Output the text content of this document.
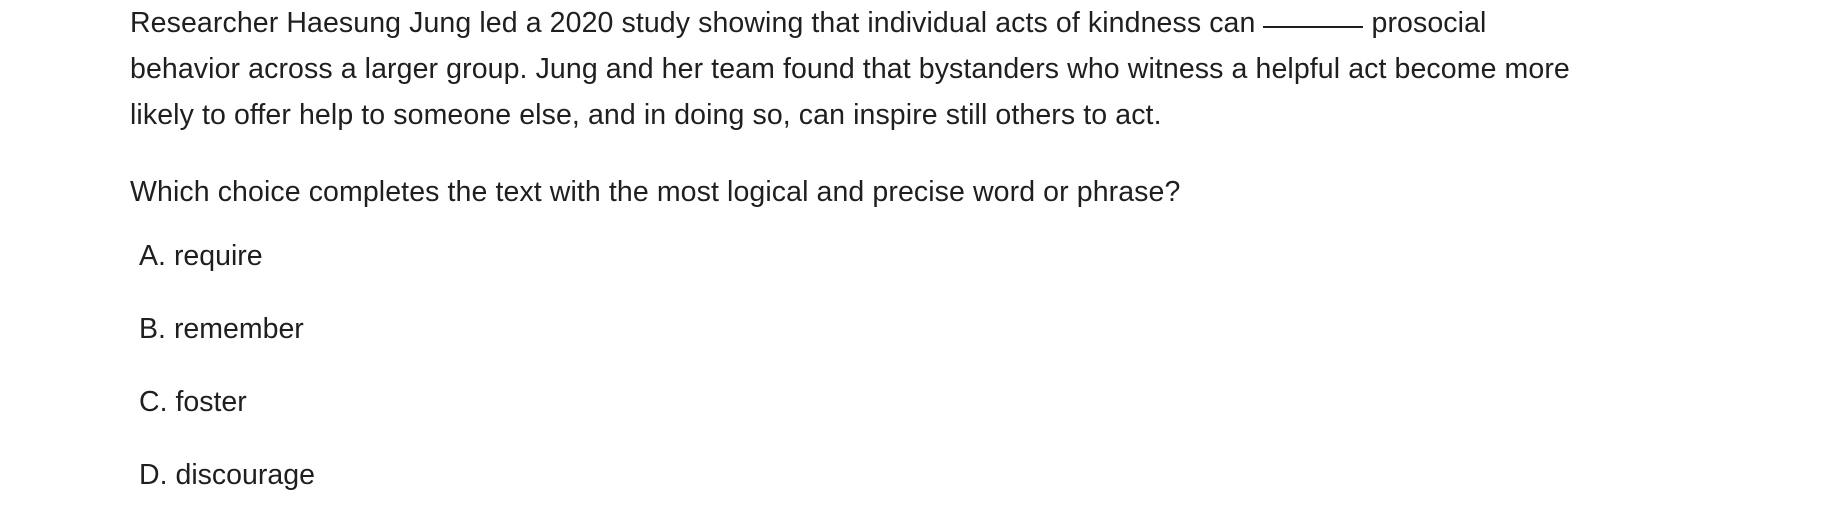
Researcher Haesung Jung led a 2020 study showing that individual acts of kindness can	prosocial
behavior across a larger group. Jung and her team found that bystanders who witness a helpful act become more
likely to offer help to someone else, and in doing so, can inspire still others to act.

Which choice completes the text with the most logical and precise word or phrase?

A. require
B. remember
C. foster
D. discourage
